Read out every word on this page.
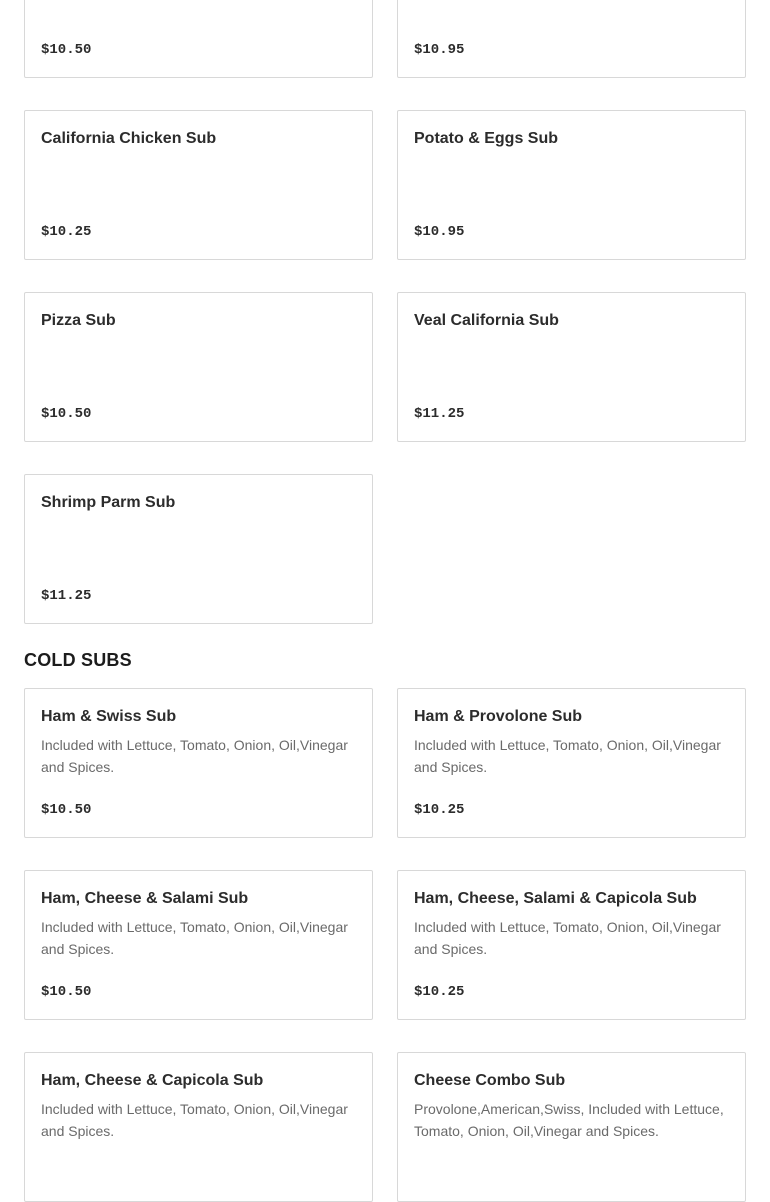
$10.50	$10.95
California Chicken Sub
$10.25
Potato & Eggs Sub
$10.95
Pizza Sub
$10.50
Veal California Sub
$11.25
Shrimp Parm Sub
$11.25
COLD SUBS
Ham & Swiss Sub
Included with Lettuce, Tomato, Onion, Oil,Vinegar and Spices.
$10.50
Ham & Provolone Sub
Included with Lettuce, Tomato, Onion, Oil,Vinegar and Spices.
$10.25
Ham, Cheese & Salami Sub
Included with Lettuce, Tomato, Onion, Oil,Vinegar and Spices.
$10.50
Ham, Cheese, Salami & Capicola Sub
Included with Lettuce, Tomato, Onion, Oil,Vinegar and Spices.
$10.25
Ham, Cheese & Capicola Sub
Included with Lettuce, Tomato, Onion, Oil,Vinegar and Spices.
Cheese Combo Sub
Provolone,American,Swiss, Included with Lettuce, Tomato, Onion, Oil,Vinegar and Spices.
